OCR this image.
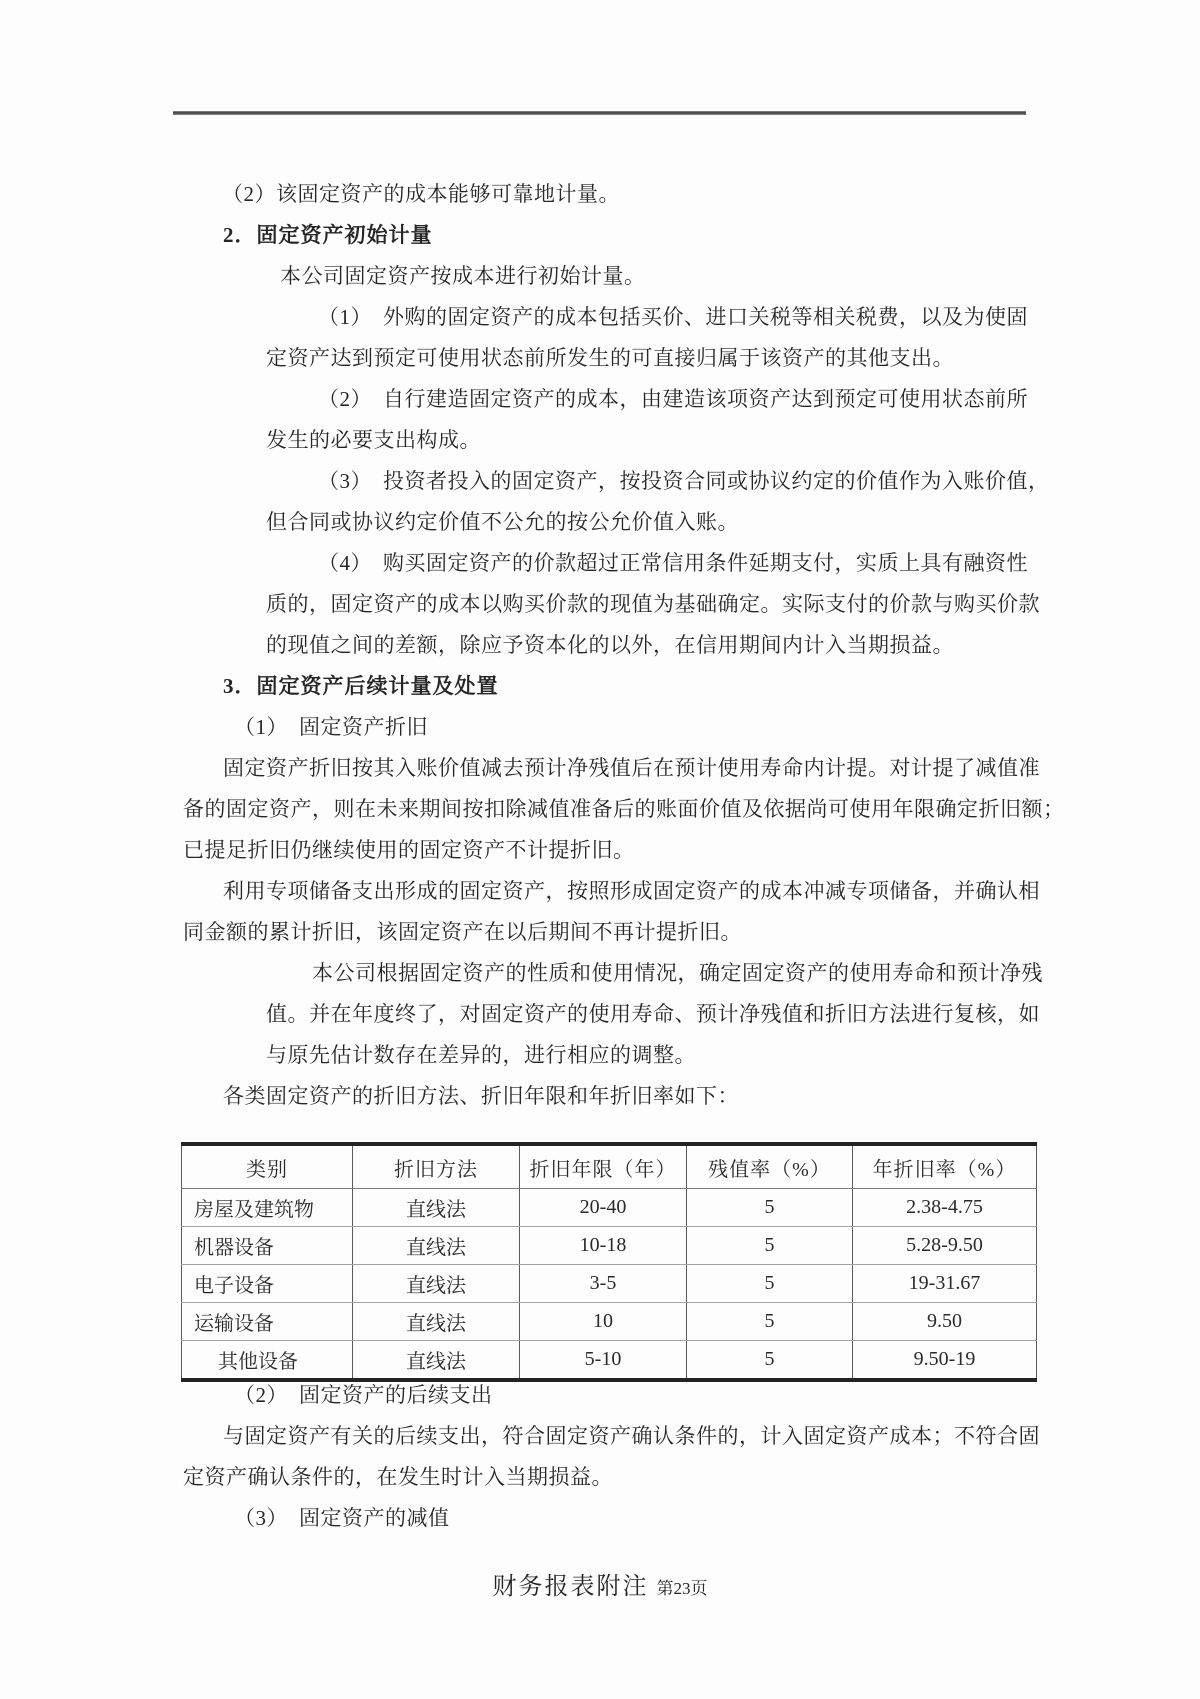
（2）该固定资产的成本能够可靠地计量。
2．固定资产初始计量
本公司固定资产按成本进行初始计量。
（1）　外购的固定资产的成本包括买价、进口关税等相关税费，以及为使固
定资产达到预定可使用状态前所发生的可直接归属于该资产的其他支出。
（2）　自行建造固定资产的成本，由建造该项资产达到预定可使用状态前所
发生的必要支出构成。
（3）　投资者投入的固定资产，按投资合同或协议约定的价值作为入账价值，
但合同或协议约定价值不公允的按公允价值入账。
（4）　购买固定资产的价款超过正常信用条件延期支付，实质上具有融资性
质的，固定资产的成本以购买价款的现值为基础确定。实际支付的价款与购买价款
的现值之间的差额，除应予资本化的以外，在信用期间内计入当期损益。
3．固定资产后续计量及处置
（1）　固定资产折旧
固定资产折旧按其入账价值减去预计净残值后在预计使用寿命内计提。对计提了减值准
备的固定资产，则在未来期间按扣除减值准备后的账面价值及依据尚可使用年限确定折旧额；
已提足折旧仍继续使用的固定资产不计提折旧。
利用专项储备支出形成的固定资产，按照形成固定资产的成本冲减专项储备，并确认相
同金额的累计折旧，该固定资产在以后期间不再计提折旧。
本公司根据固定资产的性质和使用情况，确定固定资产的使用寿命和预计净残
值。并在年度终了，对固定资产的使用寿命、预计净残值和折旧方法进行复核，如
与原先估计数存在差异的，进行相应的调整。
各类固定资产的折旧方法、折旧年限和年折旧率如下：
类别	折旧方法	折旧年限（年）	残值率（%）	年折旧率（%）
房屋及建筑物	直线法	20-40	5	2.38-4.75
机器设备	直线法	10-18	5	5.28-9.50
电子设备	直线法	3-5	5	19-31.67
运输设备	直线法	10	5	9.50
其他设备	直线法	5-10	5	9.50-19
（2）　固定资产的后续支出
与固定资产有关的后续支出，符合固定资产确认条件的，计入固定资产成本；不符合固
定资产确认条件的，在发生时计入当期损益。
（3）　固定资产的减值
财务报表附注 第23页
